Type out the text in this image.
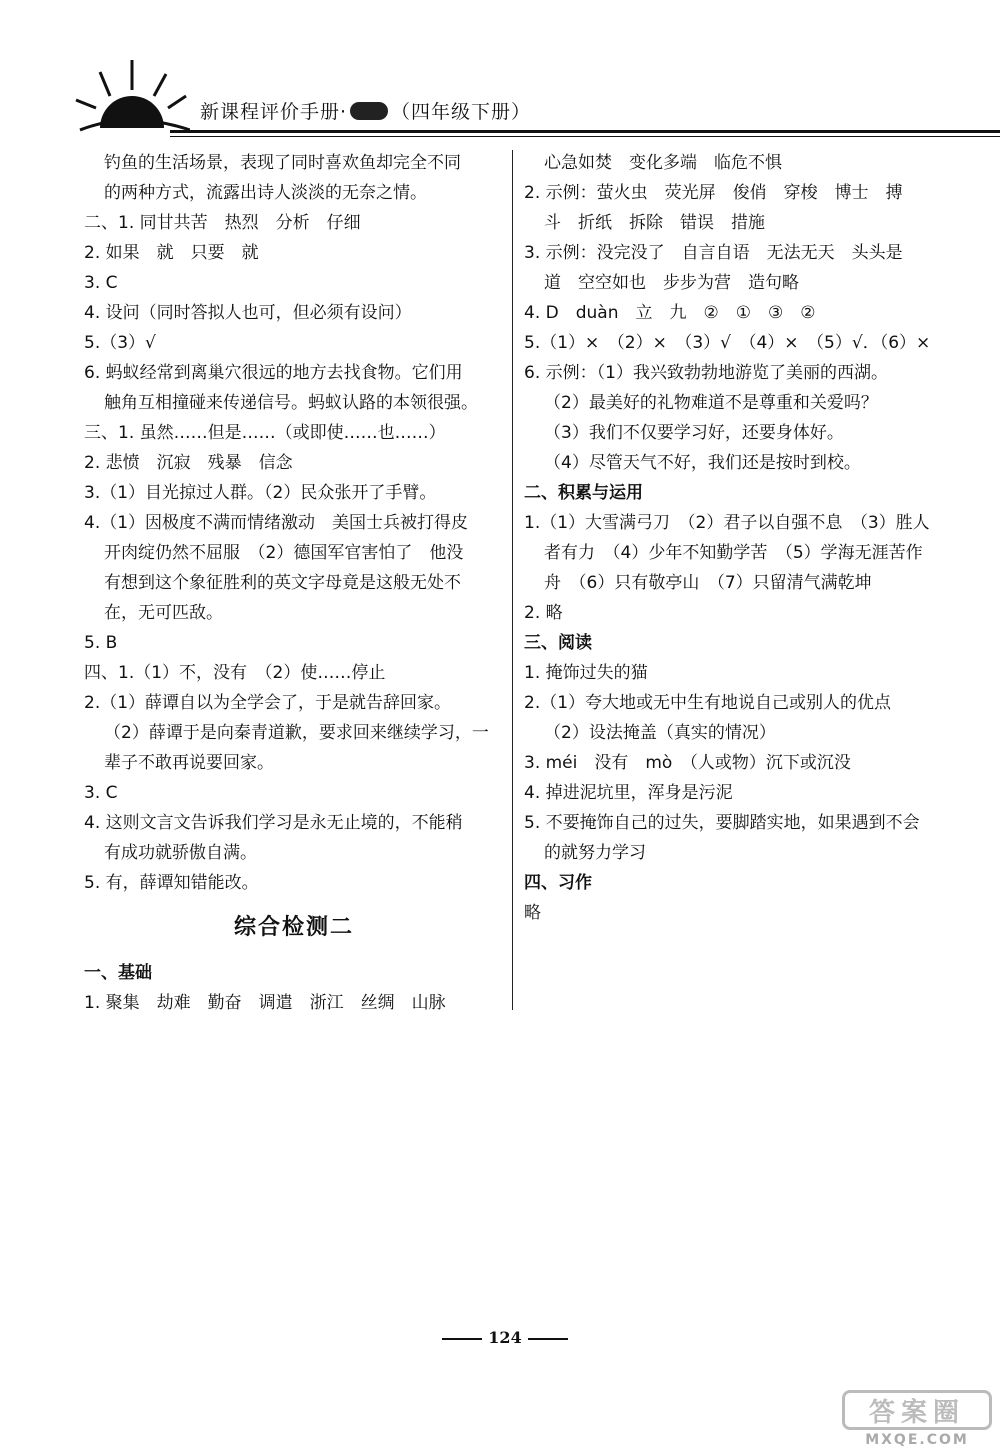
新课程评价手册· （四年级下册）
钓鱼的生活场景，表现了同时喜欢鱼却完全不同
的两种方式，流露出诗人淡淡的无奈之情。
二、1. 同甘共苦　热烈　分析　仔细
2. 如果　就　只要　就
3. C
4. 设问（同时答拟人也可，但必须有设问）
5.（3）√
6. 蚂蚁经常到离巢穴很远的地方去找食物。它们用
触角互相撞碰来传递信号。蚂蚁认路的本领很强。
三、1. 虽然……但是……（或即使……也……）
2. 悲愤　沉寂　残暴　信念
3.（1）目光掠过人群。（2）民众张开了手臂。
4.（1）因极度不满而情绪激动　美国士兵被打得皮
开肉绽仍然不屈服　（2）德国军官害怕了　他没
有想到这个象征胜利的英文字母竟是这般无处不
在，无可匹敌。
5. B
四、1.（1）不，没有　（2）使……停止
2.（1）薛谭自以为全学会了，于是就告辞回家。
（2）薛谭于是向秦青道歉，要求回来继续学习，一
辈子不敢再说要回家。
3. C
4. 这则文言文告诉我们学习是永无止境的，不能稍
有成功就骄傲自满。
5. 有，薛谭知错能改。
综合检测二
一、基础
1. 聚集　劫难　勤奋　调遣　浙江　丝绸　山脉
心急如焚　变化多端　临危不惧
2. 示例：萤火虫　荧光屏　俊俏　穿梭　博士　搏
斗　折纸　拆除　错误　措施
3. 示例：没完没了　自言自语　无法无天　头头是
道　空空如也　步步为营　造句略
4. D　duàn　立　九　②　①　③　②
5.（1）×　（2）×　（3）√　（4）×　（5）√．（6）×
6. 示例：（1）我兴致勃勃地游览了美丽的西湖。
（2）最美好的礼物难道不是尊重和关爱吗？
（3）我们不仅要学习好，还要身体好。
（4）尽管天气不好，我们还是按时到校。
二、积累与运用
1.（1）大雪满弓刀　（2）君子以自强不息　（3）胜人
者有力　（4）少年不知勤学苦　（5）学海无涯苦作
舟　（6）只有敬亭山　（7）只留清气满乾坤
2. 略
三、阅读
1. 掩饰过失的猫
2.（1）夸大地或无中生有地说自己或别人的优点
（2）设法掩盖（真实的情况）
3. méi　没有　mò　（人或物）沉下或沉没
4. 掉进泥坑里，浑身是污泥
5. 不要掩饰自己的过失，要脚踏实地，如果遇到不会
的就努力学习
四、习作
略
124
答案圈
MXQE.COM
